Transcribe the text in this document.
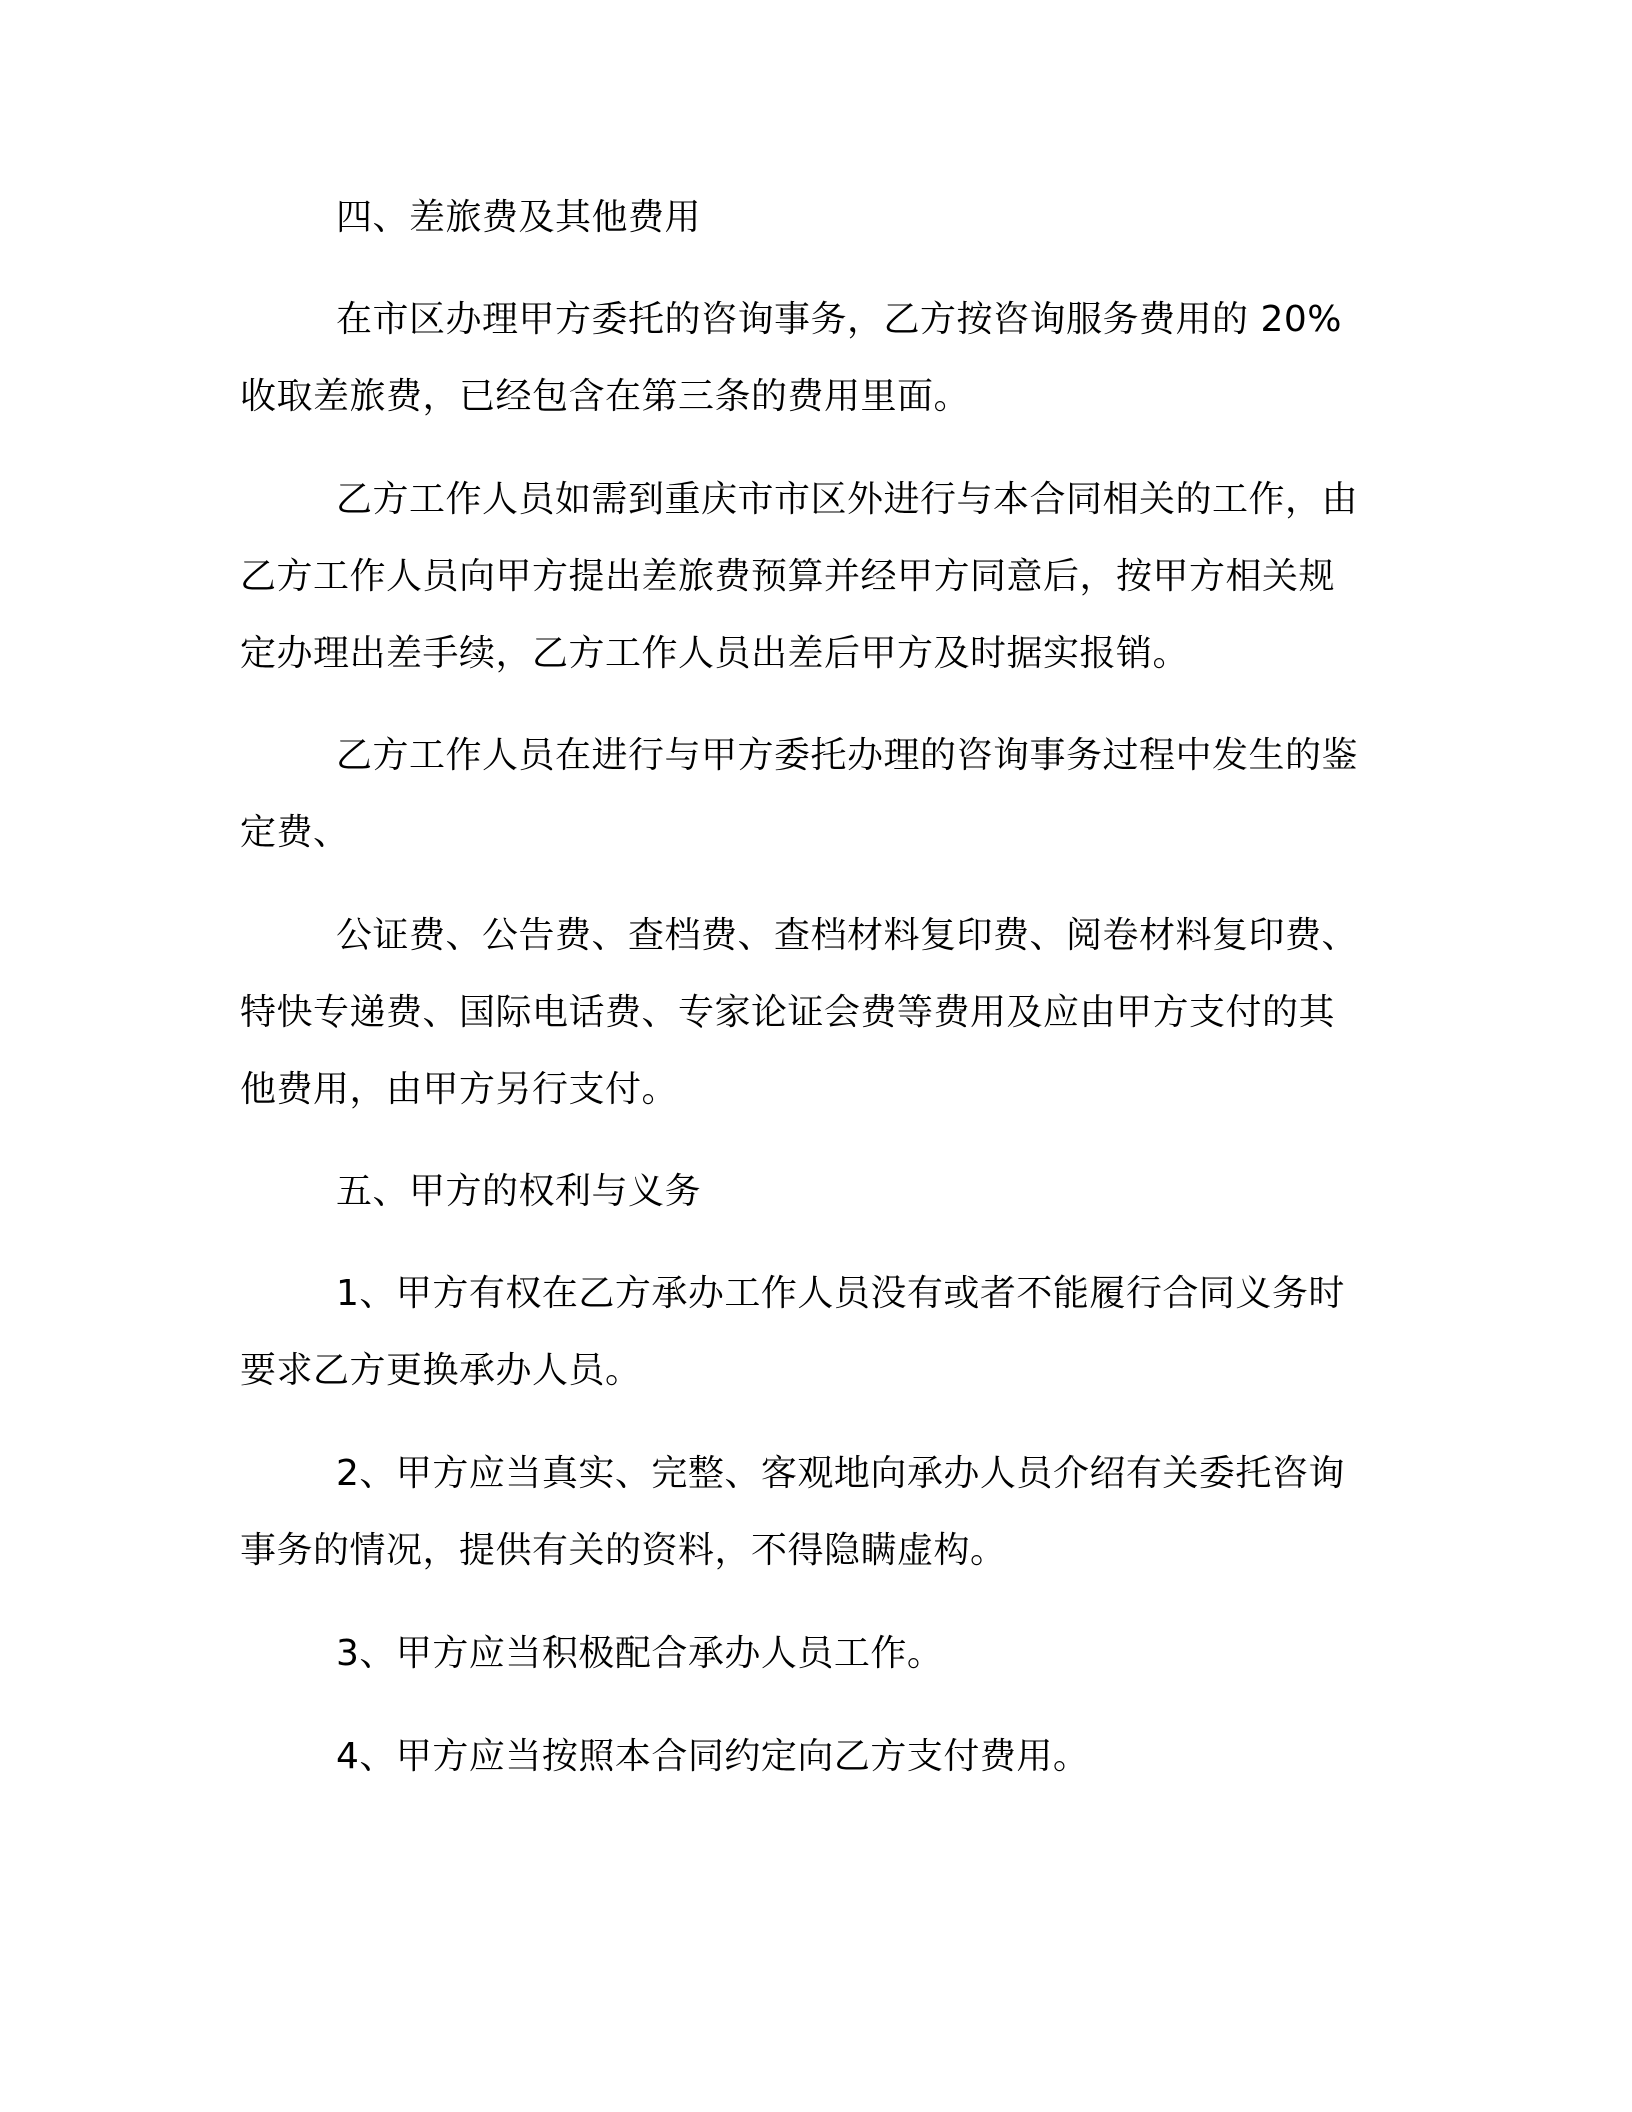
四、差旅费及其他费用

在市区办理甲方委托的咨询事务，乙方按咨询服务费用的 20%

收取差旅费，已经包含在第三条的费用里面。

乙方工作人员如需到重庆市市区外进行与本合同相关的工作，由

乙方工作人员向甲方提出差旅费预算并经甲方同意后，按甲方相关规

定办理出差手续，乙方工作人员出差后甲方及时据实报销。

乙方工作人员在进行与甲方委托办理的咨询事务过程中发生的鉴

定费、

公证费、公告费、查档费、查档材料复印费、阅卷材料复印费、

特快专递费、国际电话费、专家论证会费等费用及应由甲方支付的其

他费用，由甲方另行支付。

五、甲方的权利与义务

1、甲方有权在乙方承办工作人员没有或者不能履行合同义务时

要求乙方更换承办人员。

2、甲方应当真实、完整、客观地向承办人员介绍有关委托咨询

事务的情况，提供有关的资料，不得隐瞒虚构。

3、甲方应当积极配合承办人员工作。

4、甲方应当按照本合同约定向乙方支付费用。
